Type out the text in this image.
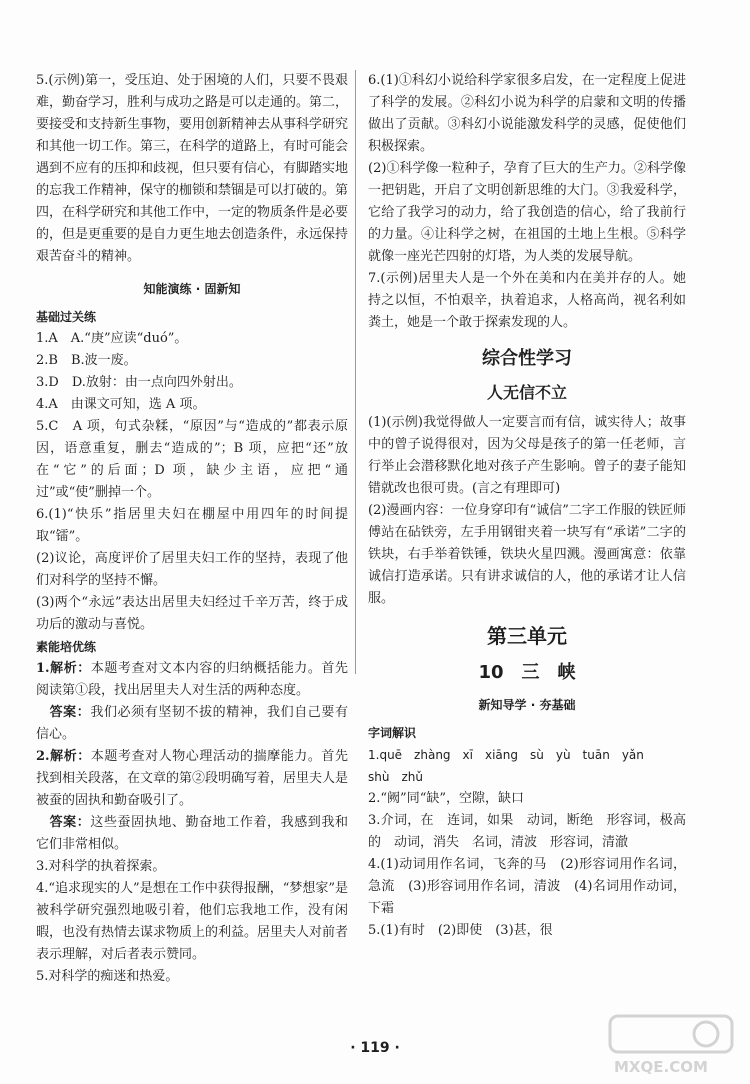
5.(示例)第一，受压迫、处于困境的人们，只要不畏艰难，勤奋学习，胜利与成功之路是可以走通的。第二，要接受和支持新生事物，要用创新精神去从事科学研究和其他一切工作。第三，在科学的道路上，有时可能会遇到不应有的压抑和歧视，但只要有信心，有脚踏实地的忘我工作精神，保守的枷锁和禁锢是可以打破的。第四，在科学研究和其他工作中，一定的物质条件是必要的，但是更重要的是自力更生地去创造条件，永远保持艰苦奋斗的精神。

知能演练 · 固新知

基础过关练

1.A　A.“庚”应读“duó”。

2.B　B.波一废。

3.D　D.放射：由一点向四外射出。

4.A　由课文可知，选 A 项。

5.C　A 项，句式杂糅，“原因”与“造成的”都表示原因，语意重复，删去“造成的”；B 项，应把“还”放在“它”的后面；D 项，缺少主语，应把“通过”或“使”删掉一个。

6.(1)“快乐”指居里夫妇在棚屋中用四年的时间提取“镭”。

(2)议论，高度评价了居里夫妇工作的坚持，表现了他们对科学的坚持不懈。

(3)两个“永远”表达出居里夫妇经过千辛万苦，终于成功后的激动与喜悦。

素能培优练

1.解析：本题考查对文本内容的归纳概括能力。首先阅读第①段，找出居里夫人对生活的两种态度。

　答案：我们必须有坚韧不拔的精神，我们自己要有信心。

2.解析：本题考查对人物心理活动的揣摩能力。首先找到相关段落，在文章的第②段明确写着，居里夫人是被蚕的固执和勤奋吸引了。

　答案：这些蚕固执地、勤奋地工作着，我感到我和它们非常相似。

3.对科学的执着探索。

4.“追求现实的人”是想在工作中获得报酬，“梦想家”是被科学研究强烈地吸引着，他们忘我地工作，没有闲暇，也没有热情去谋求物质上的利益。居里夫人对前者表示理解，对后者表示赞同。

5.对科学的痴迷和热爱。

6.(1)①科幻小说给科学家很多启发，在一定程度上促进了科学的发展。②科幻小说为科学的启蒙和文明的传播做出了贡献。③科幻小说能激发科学的灵感，促使他们积极探索。

(2)①科学像一粒种子，孕育了巨大的生产力。②科学像一把钥匙，开启了文明创新思维的大门。③我爱科学，它给了我学习的动力，给了我创造的信心，给了我前行的力量。④让科学之树，在祖国的土地上生根。⑤科学就像一座光芒四射的灯塔，为人类的发展导航。

7.(示例)居里夫人是一个外在美和内在美并存的人。她持之以恒，不怕艰辛，执着追求，人格高尚，视名利如粪土，她是一个敢于探索发现的人。

综合性学习

人无信不立

(1)(示例)我觉得做人一定要言而有信，诚实待人；故事中的曾子说得很对，因为父母是孩子的第一任老师，言行举止会潜移默化地对孩子产生影响。曾子的妻子能知错就改也很可贵。(言之有理即可)

(2)漫画内容：一位身穿印有“诚信”二字工作服的铁匠师傅站在砧铁旁，左手用钢钳夹着一块写有“承诺”二字的铁块，右手举着铁锤，铁块火星四溅。漫画寓意：依靠诚信打造承诺。只有讲求诚信的人，他的承诺才让人信服。

第三单元

10　三　峡

新知导学 · 夯基础

字词解识

1.quē　zhàng　xī　xiāng　sù　yù　tuān　yǎn
shù　zhǔ

2.“阙”同“缺”，空隙，缺口

3.介词，在　连词，如果　动词，断绝　形容词，极高的　动词，消失　名词，清波　形容词，清澈

4.(1)动词用作名词，飞奔的马　(2)形容词用作名词，急流　(3)形容词用作名词，清波　(4)名词用作动词，下霜

5.(1)有时　(2)即使　(3)甚，很

· 119 ·
MXQE.COM
